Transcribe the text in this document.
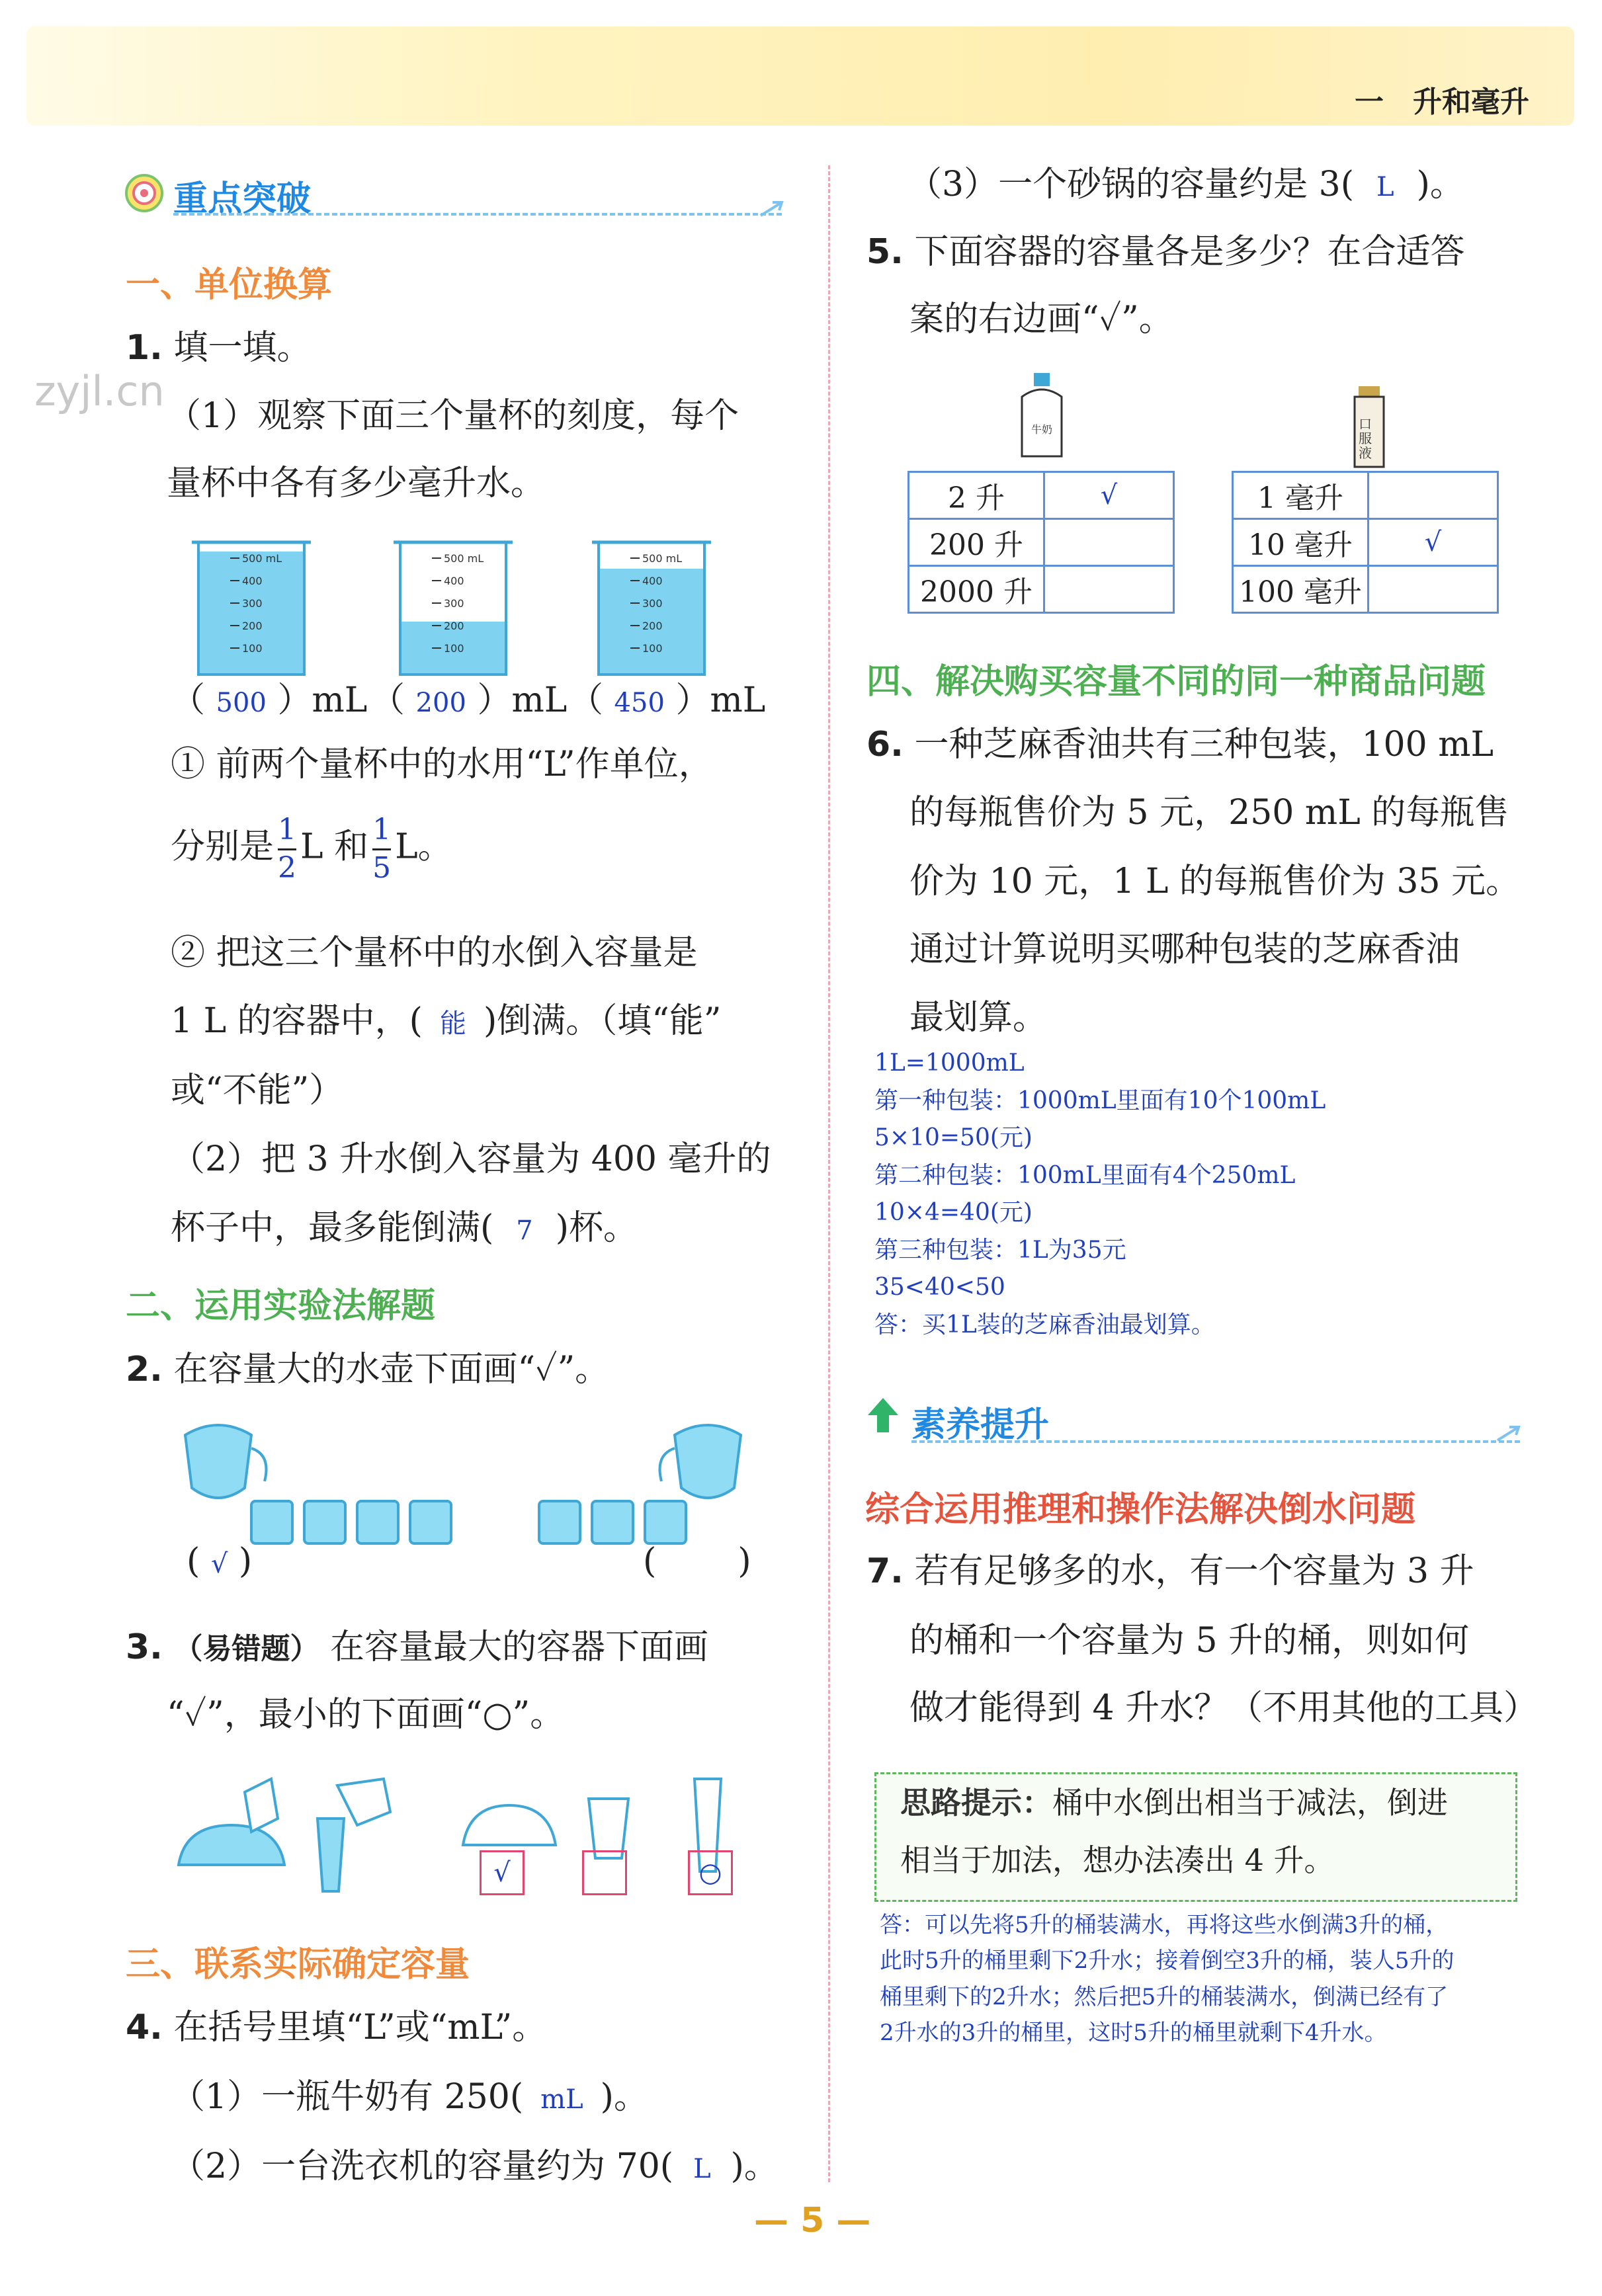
一　升和毫升
zyjl.cn
重点突破
一、单位换算
1. 填一填。
（1）观察下面三个量杯的刻度，每个
量杯中各有多少毫升水。
500 mL
400
300
200
100
500 mL
400
300
200
100
500 mL
400
300
200
100
（ 500 ）mL （ 200 ）mL （ 450 ）mL
① 前两个量杯中的水用“L”作单位，
分别是 $\frac{1}{2}$ L 和 $\frac{1}{5}$ L。
② 把这三个量杯中的水倒入容量是
1 L 的容器中，( 能 )倒满。（填“能”
或“不能”）
（2）把 3 升水倒入容量为 400 毫升的
杯子中，最多能倒满( 7 )杯。
二、运用实验法解题
2. 在容量大的水壶下面画“✓”。
( √ )	(  )
3. （易错题） 在容量最大的容器下面画
“✓”，最小的下面画“○”。
√	○
三、联系实际确定容量
4. 在括号里填“L”或“mL”。
（1）一瓶牛奶有 250( mL )。
（2）一台洗衣机的容量约为 70( L )。
（3）一个砂锅的容量约是 3( L )。
5. 下面容器的容量各是多少？在合适答
案的右边画“✓”。
牛奶	口服液
2 升	√
200 升	
2000 升	
1 毫升	
10 毫升	√
100 毫升	
四、解决购买容量不同的同一种商品问题
6. 一种芝麻香油共有三种包装，100 mL
的每瓶售价为 5 元，250 mL 的每瓶售
价为 10 元，1 L 的每瓶售价为 35 元。
通过计算说明买哪种包装的芝麻香油
最划算。
1L=1000mL
第一种包装：1000mL里面有10个100mL
5×10=50(元)
第二种包装：100mL里面有4个250mL
10×4=40(元)
第三种包装：1L为35元
35<40<50
答：买1L装的芝麻香油最划算。
素养提升
综合运用推理和操作法解决倒水问题
7. 若有足够多的水，有一个容量为 3 升
的桶和一个容量为 5 升的桶，则如何
做才能得到 4 升水？（不用其他的工具）
思路提示：桶中水倒出相当于减法，倒进
相当于加法，想办法凑出 4 升。
答：可以先将5升的桶装满水，再将这些水倒满3升的桶，
此时5升的桶里剩下2升水；接着倒空3升的桶，装人5升的
桶里剩下的2升水；然后把5升的桶装满水，倒满已经有了
2升水的3升的桶里，这时5升的桶里就剩下4升水。
— 5 —
